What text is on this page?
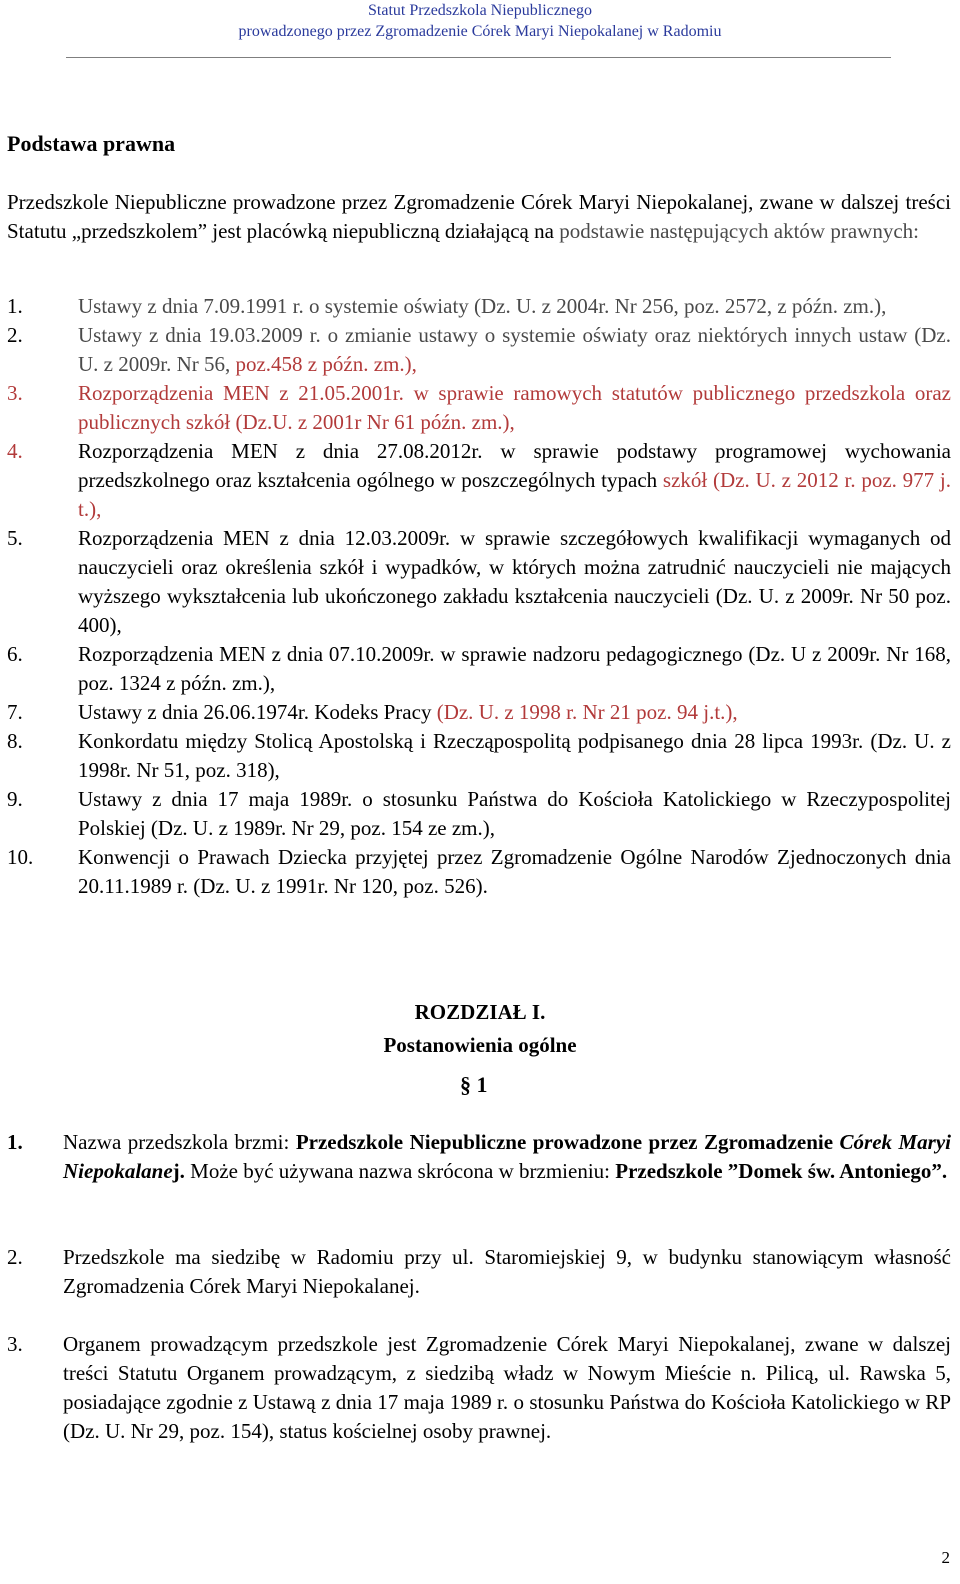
Statut Przedszkola Niepublicznego
prowadzonego przez Zgromadzenie Córek Maryi Niepokalanej w Radomiu
Podstawa prawna
Przedszkole Niepubliczne prowadzone przez Zgromadzenie Córek Maryi Niepokalanej, zwane w dalszej treści Statutu „przedszkolem” jest placówką niepubliczną działającą na podstawie następujących aktów prawnych:
1.	Ustawy z dnia 7.09.1991 r. o systemie oświaty (Dz. U. z 2004r. Nr 256, poz. 2572, z późn. zm.),
2.	Ustawy z dnia 19.03.2009 r. o zmianie ustawy o systemie oświaty oraz niektórych innych ustaw (Dz. U. z 2009r. Nr 56, poz.458 z późn. zm.),
3.	Rozporządzenia MEN z 21.05.2001r. w sprawie ramowych statutów publicznego przedszkola oraz publicznych szkół (Dz.U. z 2001r Nr 61 późn. zm.),
4.	Rozporządzenia MEN z dnia 27.08.2012r. w sprawie podstawy programowej wychowania przedszkolnego oraz kształcenia ogólnego w poszczególnych typach szkół (Dz. U. z 2012 r. poz. 977 j. t.),
5.	Rozporządzenia MEN z dnia 12.03.2009r. w sprawie szczegółowych kwalifikacji wymaganych od nauczycieli oraz określenia szkół i wypadków, w których można zatrudnić nauczycieli nie mających wyższego wykształcenia lub ukończonego zakładu kształcenia nauczycieli (Dz. U. z 2009r. Nr 50 poz. 400),
6.	Rozporządzenia MEN z dnia 07.10.2009r. w sprawie nadzoru pedagogicznego (Dz. U z 2009r. Nr 168, poz. 1324 z późn. zm.),
7.	Ustawy z dnia 26.06.1974r. Kodeks Pracy (Dz. U. z 1998 r. Nr 21 poz. 94 j.t.),
8.	Konkordatu między Stolicą Apostolską i Rzecząpospolitą podpisanego dnia 28 lipca 1993r. (Dz. U. z 1998r. Nr 51, poz. 318),
9.	Ustawy z dnia 17 maja 1989r. o stosunku Państwa do Kościoła Katolickiego w Rzeczypospolitej Polskiej (Dz. U. z 1989r. Nr 29, poz. 154 ze zm.),
10. Konwencji o Prawach Dziecka przyjętej przez Zgromadzenie Ogólne Narodów Zjednoczonych dnia 20.11.1989 r. (Dz. U. z 1991r. Nr 120, poz. 526).
ROZDZIAŁ I.
Postanowienia ogólne
§ 1
1. Nazwa przedszkola brzmi: Przedszkole Niepubliczne prowadzone przez Zgromadzenie Córek Maryi Niepokalanej. Może być używana nazwa skrócona w brzmieniu: Przedszkole ”Domek św. Antoniego”.
2. Przedszkole ma siedzibę w Radomiu przy ul. Staromiejskiej 9, w budynku stanowiącym własność Zgromadzenia Córek Maryi Niepokalanej.
3. Organem prowadzącym przedszkole jest Zgromadzenie Córek Maryi Niepokalanej, zwane w dalszej treści Statutu Organem prowadzącym, z siedzibą władz w Nowym Mieście n. Pilicą, ul. Rawska 5, posiadające zgodnie z Ustawą z dnia 17 maja 1989 r. o stosunku Państwa do Kościoła Katolickiego w RP (Dz. U. Nr 29, poz. 154), status kościelnej osoby prawnej.
2
